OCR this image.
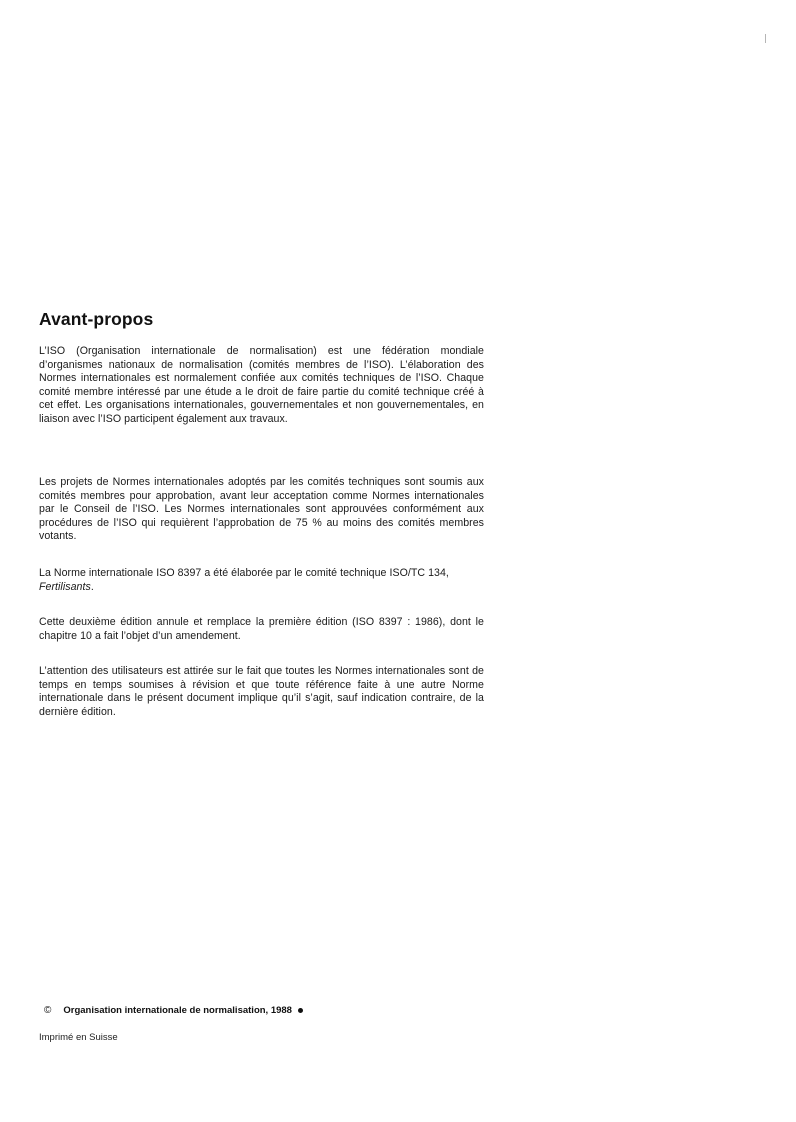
Avant-propos

L’ISO (Organisation internationale de normalisation) est une fédération mondiale d’organismes nationaux de normalisation (comités membres de l’ISO). L’élaboration des Normes internationales est normalement confiée aux comités techniques de l’ISO. Chaque comité membre intéressé par une étude a le droit de faire partie du comité technique créé à cet effet. Les organisations internationales, gouvernementales et non gouvernementales, en liaison avec l’ISO participent également aux travaux.

Les projets de Normes internationales adoptés par les comités techniques sont soumis aux comités membres pour approbation, avant leur acceptation comme Normes internationales par le Conseil de l’ISO. Les Normes internationales sont approuvées conformément aux procédures de l’ISO qui requièrent l’approbation de 75 % au moins des comités membres votants.

La Norme internationale ISO 8397 a été élaborée par le comité technique ISO/TC 134,
Fertilisants.

Cette deuxième édition annule et remplace la première édition (ISO 8397 : 1986), dont le chapitre 10 a fait l’objet d’un amendement.

L’attention des utilisateurs est attirée sur le fait que toutes les Normes internationales sont de temps en temps soumises à révision et que toute référence faite à une autre Norme internationale dans le présent document implique qu’il s’agit, sauf indication contraire, de la dernière édition.

© Organisation internationale de normalisation, 1988
Imprimé en Suisse
